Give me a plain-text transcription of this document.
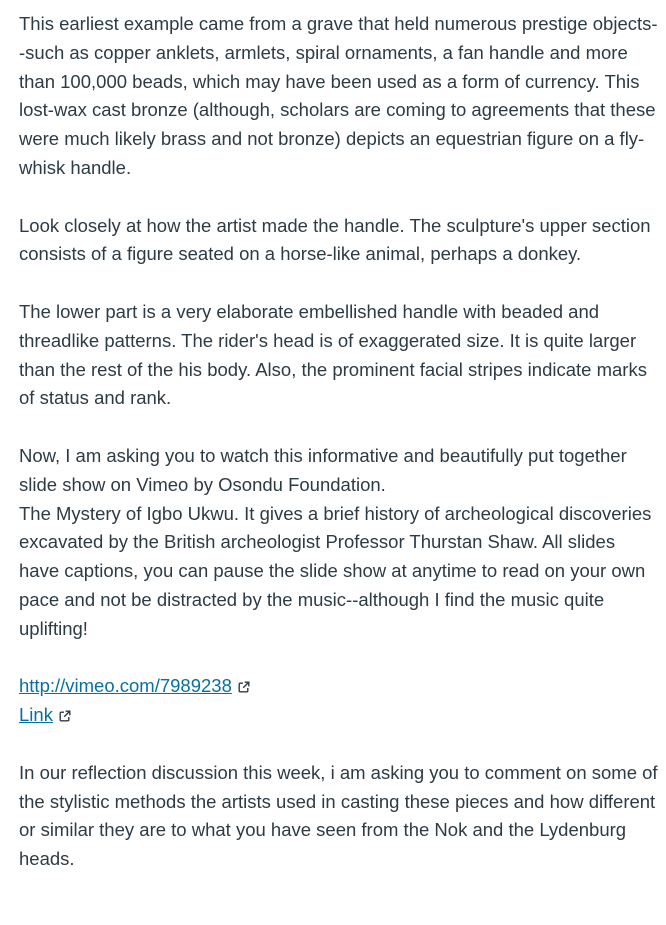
This earliest example came from a grave that held numerous prestige objects--such as copper anklets, armlets, spiral ornaments, a fan handle and more than 100,000 beads, which may have been used as a form of currency. This lost-wax cast bronze (although, scholars are coming to agreements that these were much likely brass and not bronze) depicts an equestrian figure on a fly-whisk handle.

Look closely at how the artist made the handle. The sculpture's upper section consists of a figure seated on a horse-like animal, perhaps a donkey.

The lower part is a very elaborate embellished handle with beaded and threadlike patterns. The rider's head is of exaggerated size. It is quite larger than the rest of the his body. Also, the prominent facial stripes indicate marks of status and rank.

Now, I am asking you to watch this informative and beautifully put together slide show on Vimeo by Osondu Foundation.

The Mystery of Igbo Ukwu. It gives a brief history of archeological discoveries excavated by the British archeologist Professor Thurstan Shaw. All slides have captions, you can pause the slide show at anytime to read on your own pace and not be distracted by the music--although I find the music quite uplifting!

http://vimeo.com/7989238
Link

In our reflection discussion this week, i am asking you to comment on some of the stylistic methods the artists used in casting these pieces and how different or similar they are to what you have seen from the Nok and the Lydenburg heads.
